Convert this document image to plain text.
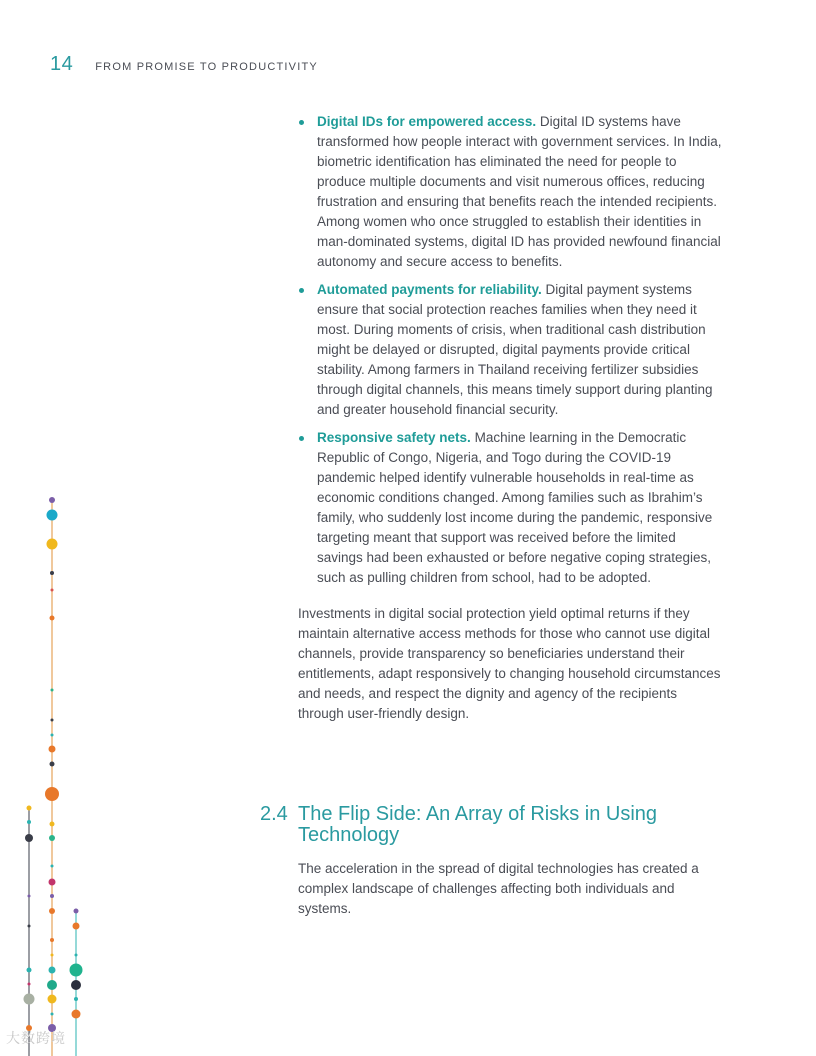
14 FROM PROMISE TO PRODUCTIVITY
Digital IDs for empowered access. Digital ID systems have transformed how people interact with government services. In India, biometric identification has eliminated the need for people to produce multiple documents and visit numerous offices, reducing frustration and ensuring that benefits reach the intended recipients. Among women who once struggled to establish their identities in man-dominated systems, digital ID has provided newfound financial autonomy and secure access to benefits.
Automated payments for reliability. Digital payment systems ensure that social protection reaches families when they need it most. During moments of crisis, when traditional cash distribution might be delayed or disrupted, digital payments provide critical stability. Among farmers in Thailand receiving fertilizer subsidies through digital channels, this means timely support during planting and greater household financial security.
Responsive safety nets. Machine learning in the Democratic Republic of Congo, Nigeria, and Togo during the COVID-19 pandemic helped identify vulnerable households in real-time as economic conditions changed. Among families such as Ibrahim’s family, who suddenly lost income during the pandemic, responsive targeting meant that support was received before the limited savings had been exhausted or before negative coping strategies, such as pulling children from school, had to be adopted.

Investments in digital social protection yield optimal returns if they maintain alternative access methods for those who cannot use digital channels, provide transparency so beneficiaries understand their entitlements, adapt responsively to changing household circumstances and needs, and respect the dignity and agency of the recipients through user-friendly design.

2.4 The Flip Side: An Array of Risks in Using Technology

The acceleration in the spread of digital technologies has created a complex landscape of challenges affecting both individuals and systems.

大数跨境
